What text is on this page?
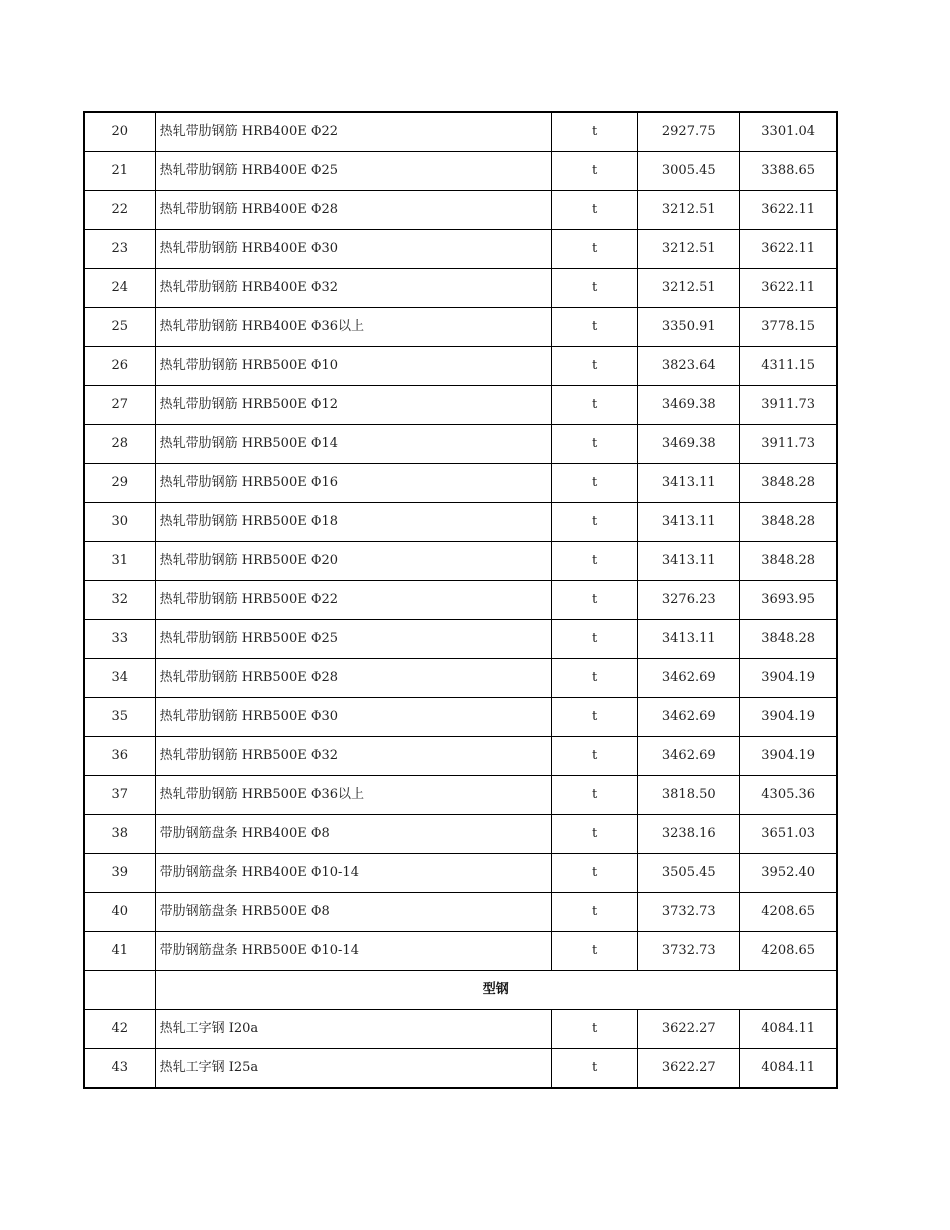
20	热轧带肋钢筋 HRB400E Φ22	t	2927.75	3301.04
21	热轧带肋钢筋 HRB400E Φ25	t	3005.45	3388.65
22	热轧带肋钢筋 HRB400E Φ28	t	3212.51	3622.11
23	热轧带肋钢筋 HRB400E Φ30	t	3212.51	3622.11
24	热轧带肋钢筋 HRB400E Φ32	t	3212.51	3622.11
25	热轧带肋钢筋 HRB400E Φ36以上	t	3350.91	3778.15
26	热轧带肋钢筋 HRB500E Φ10	t	3823.64	4311.15
27	热轧带肋钢筋 HRB500E Φ12	t	3469.38	3911.73
28	热轧带肋钢筋 HRB500E Φ14	t	3469.38	3911.73
29	热轧带肋钢筋 HRB500E Φ16	t	3413.11	3848.28
30	热轧带肋钢筋 HRB500E Φ18	t	3413.11	3848.28
31	热轧带肋钢筋 HRB500E Φ20	t	3413.11	3848.28
32	热轧带肋钢筋 HRB500E Φ22	t	3276.23	3693.95
33	热轧带肋钢筋 HRB500E Φ25	t	3413.11	3848.28
34	热轧带肋钢筋 HRB500E Φ28	t	3462.69	3904.19
35	热轧带肋钢筋 HRB500E Φ30	t	3462.69	3904.19
36	热轧带肋钢筋 HRB500E Φ32	t	3462.69	3904.19
37	热轧带肋钢筋 HRB500E Φ36以上	t	3818.50	4305.36
38	带肋钢筋盘条 HRB400E Φ8	t	3238.16	3651.03
39	带肋钢筋盘条 HRB400E Φ10-14	t	3505.45	3952.40
40	带肋钢筋盘条 HRB500E Φ8	t	3732.73	4208.65
41	带肋钢筋盘条 HRB500E Φ10-14	t	3732.73	4208.65
	型钢			
42	热轧工字钢 I20a	t	3622.27	4084.11
43	热轧工字钢 I25a	t	3622.27	4084.11
